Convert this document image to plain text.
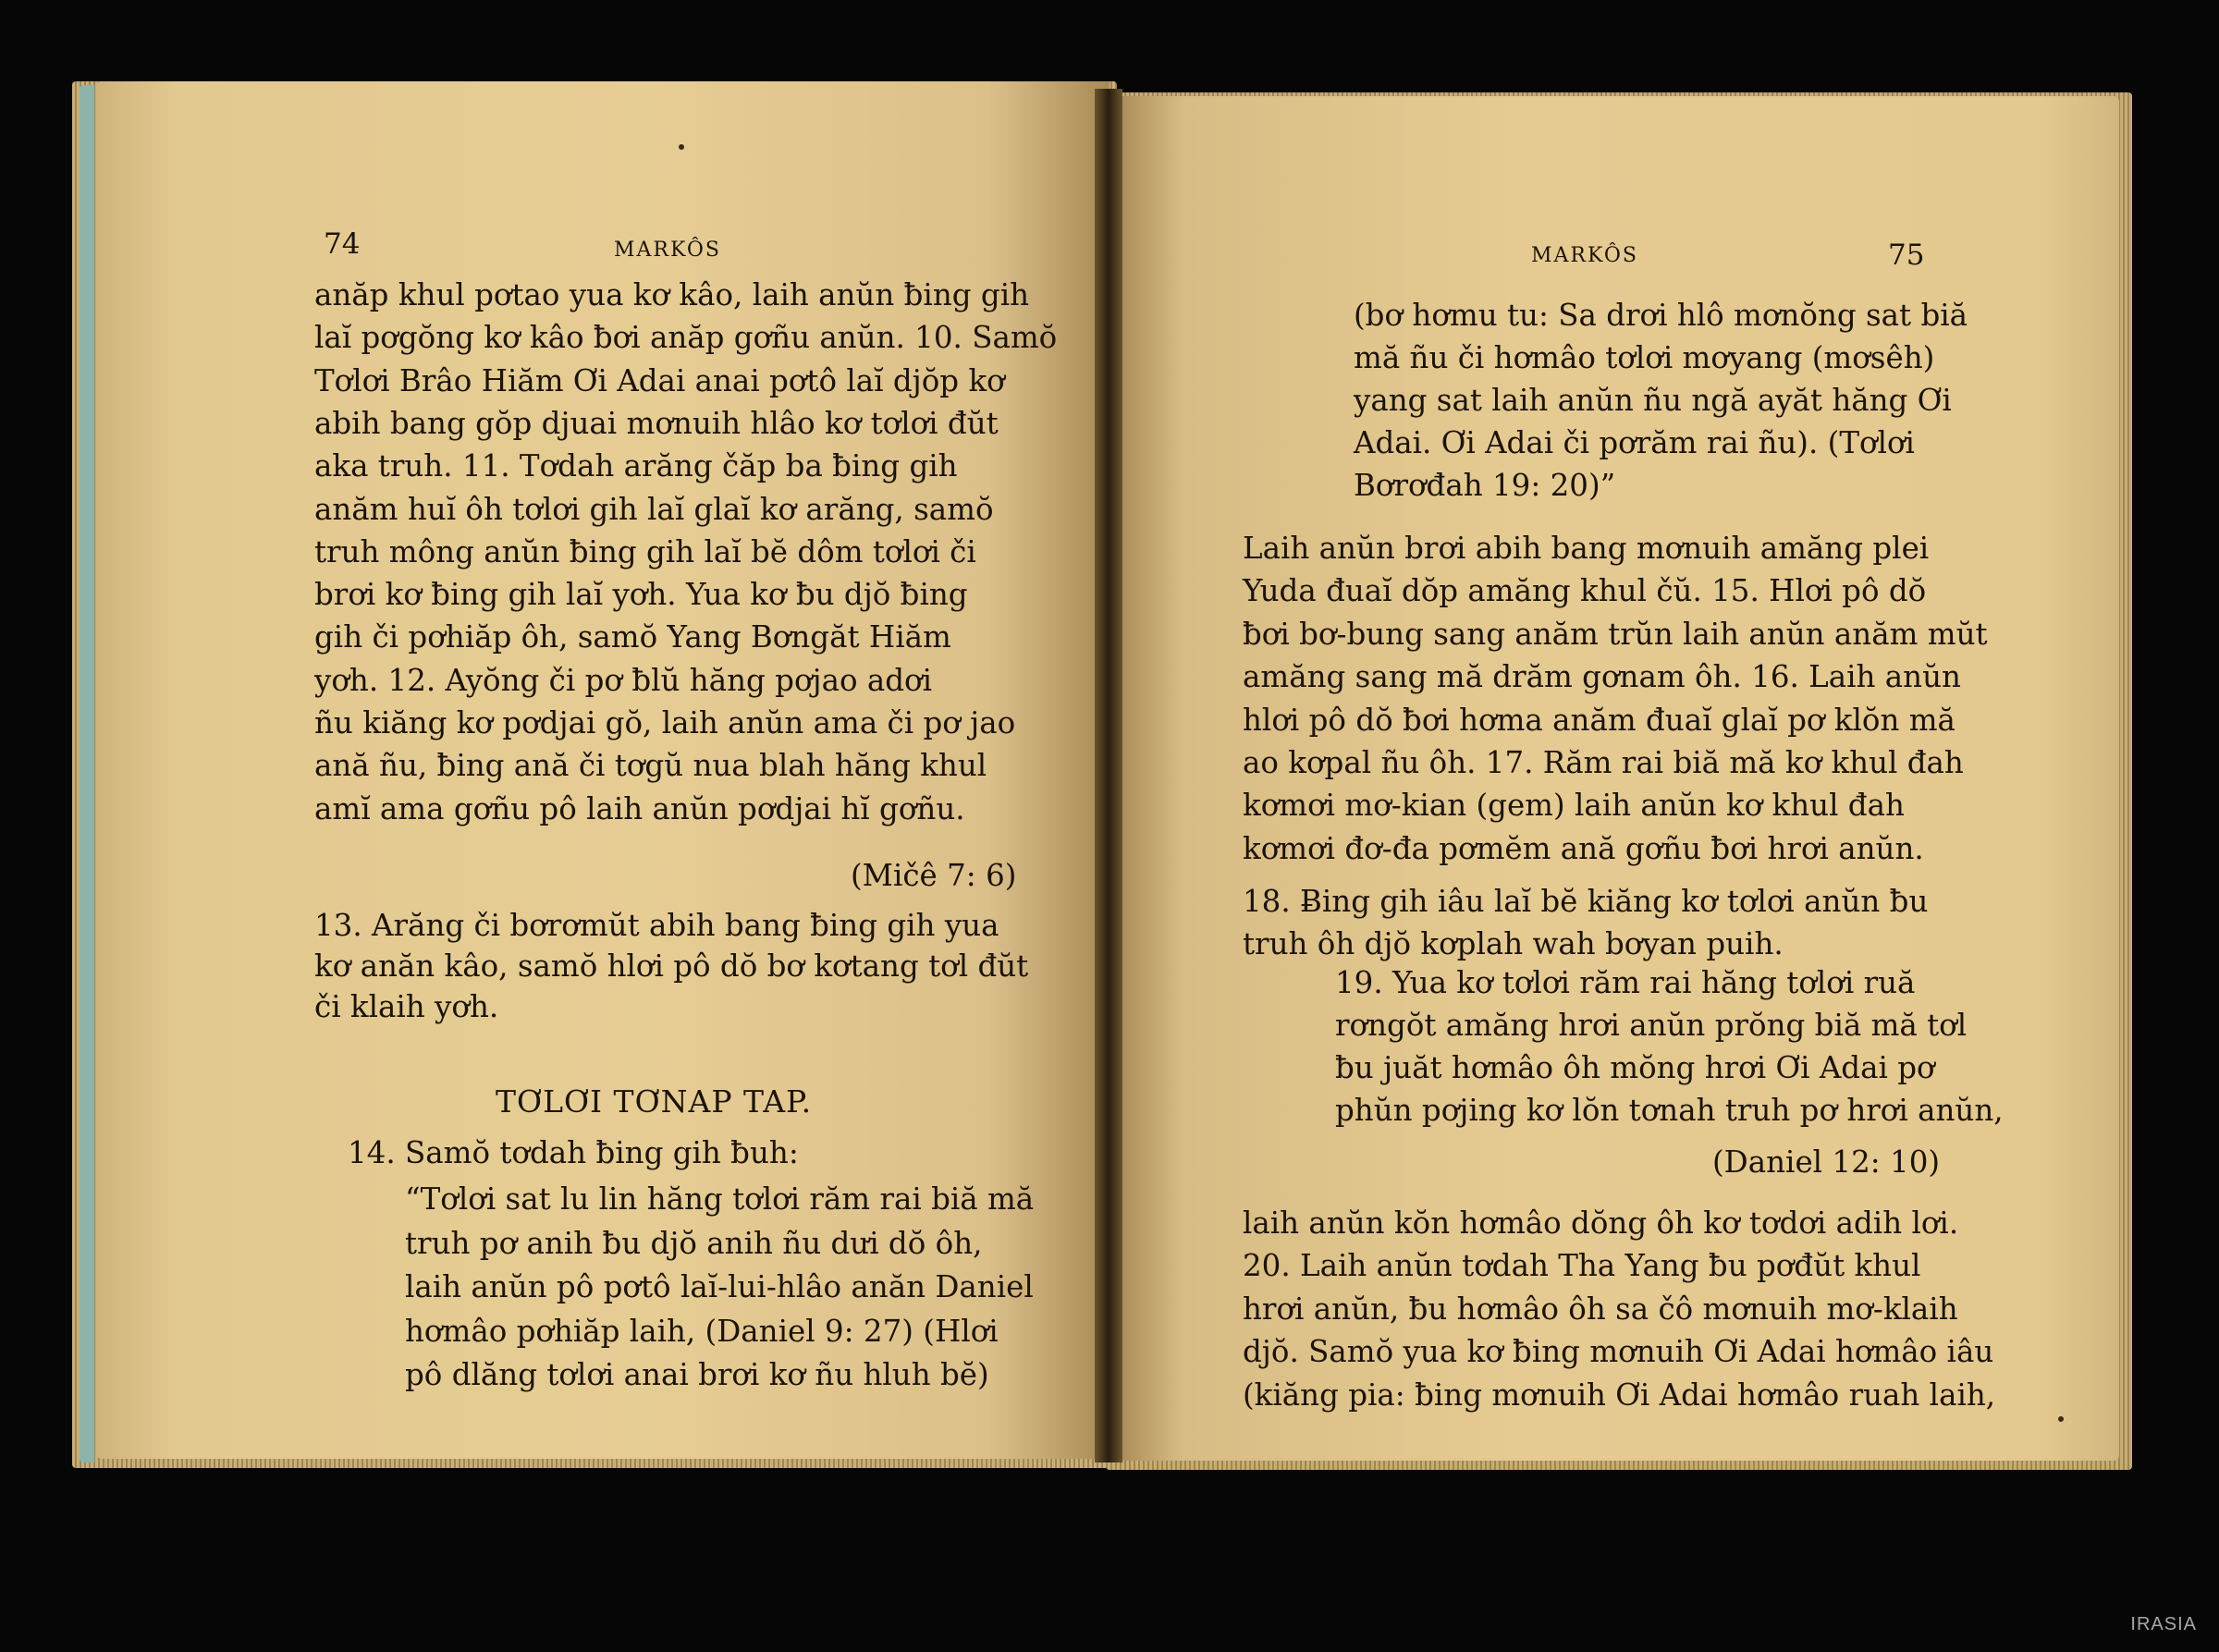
74	MARKÔS
anăp khul pơtao yua kơ kâo, laih anŭn ƀing gih
laĭ pơgŏng kơ kâo ƀơi anăp gơñu anŭn. 10. Samŏ
Tơlơi Brâo Hiăm Ơi Adai anai pơtô laĭ djŏp kơ
abih bang gŏp djuai mơnuih hlâo kơ tơlơi đŭt
aka truh. 11. Tơdah arăng čăp ba ƀing gih
anăm huĭ ôh tơlơi gih laĭ glaĭ kơ arăng, samŏ
truh mông anŭn ƀing gih laĭ bĕ dôm tơlơi či
brơi kơ ƀing gih laĭ yơh. Yua kơ ƀu djŏ ƀing
gih či pơhiăp ôh, samŏ Yang Bơngăt Hiăm
yơh. 12. Ayŏng či pơ ƀlŭ hăng pơjao adơi
ñu kiăng kơ pơdjai gŏ, laih anŭn ama či pơ jao
ană ñu, ƀing ană či tơgŭ nua blah hăng khul
amĭ ama gơñu pô laih anŭn pơdjai hĭ gơñu.
(Mičê 7: 6)
13. Arăng či bơrơmŭt abih bang ƀing gih yua
kơ anăn kâo, samŏ hlơi pô dŏ bơ kơtang tơl đŭt
či klaih yơh.
TƠLƠI TƠNAP TAP.
14. Samŏ tơdah ƀing gih ƀuh:
“Tơlơi sat lu lin hăng tơlơi răm rai biă mă
truh pơ anih ƀu djŏ anih ñu dưi dŏ ôh,
laih anŭn pô pơtô laĭ-lui-hlâo anăn Daniel
hơmâo pơhiăp laih, (Daniel 9: 27) (Hlơi
pô dlăng tơlơi anai brơi kơ ñu hluh bĕ)
MARKÔS	75
(bơ hơmu tu: Sa drơi hlô mơnŏng sat biă
mă ñu či hơmâo tơlơi mơyang (mơsêh)
yang sat laih anŭn ñu ngă ayăt hăng Ơi
Adai. Ơi Adai či pơrăm rai ñu). (Tơlơi
Bơrơđah 19: 20)”
Laih anŭn brơi abih bang mơnuih amăng plei
Yuda đuaĭ dŏp amăng khul čŭ. 15. Hlơi pô dŏ
ƀơi bơ-bung sang anăm trŭn laih anŭn anăm mŭt
amăng sang mă drăm gơnam ôh. 16. Laih anŭn
hlơi pô dŏ ƀơi hơma anăm đuaĭ glaĭ pơ klŏn mă
ao kơpal ñu ôh. 17. Răm rai biă mă kơ khul đah
kơmơi mơ-kian (gem) laih anŭn kơ khul đah
kơmơi đơ-đa pơmĕm ană gơñu ƀơi hrơi anŭn.
18. Ƀing gih iâu laĭ bĕ kiăng kơ tơlơi anŭn ƀu
truh ôh djŏ kơplah wah bơyan puih.
19. Yua kơ tơlơi răm rai hăng tơlơi ruă
rơngŏt amăng hrơi anŭn prŏng biă mă tơl
ƀu juăt hơmâo ôh mŏng hrơi Ơi Adai pơ
phŭn pơjing kơ lŏn tơnah truh pơ hrơi anŭn,
(Daniel 12: 10)
laih anŭn kŏn hơmâo dŏng ôh kơ tơdơi adih lơi.
20. Laih anŭn tơdah Tha Yang ƀu pơđŭt khul
hrơi anŭn, ƀu hơmâo ôh sa čô mơnuih mơ-klaih
djŏ. Samŏ yua kơ ƀing mơnuih Ơi Adai hơmâo iâu
(kiăng pia: ƀing mơnuih Ơi Adai hơmâo ruah laih,
IRASIA
